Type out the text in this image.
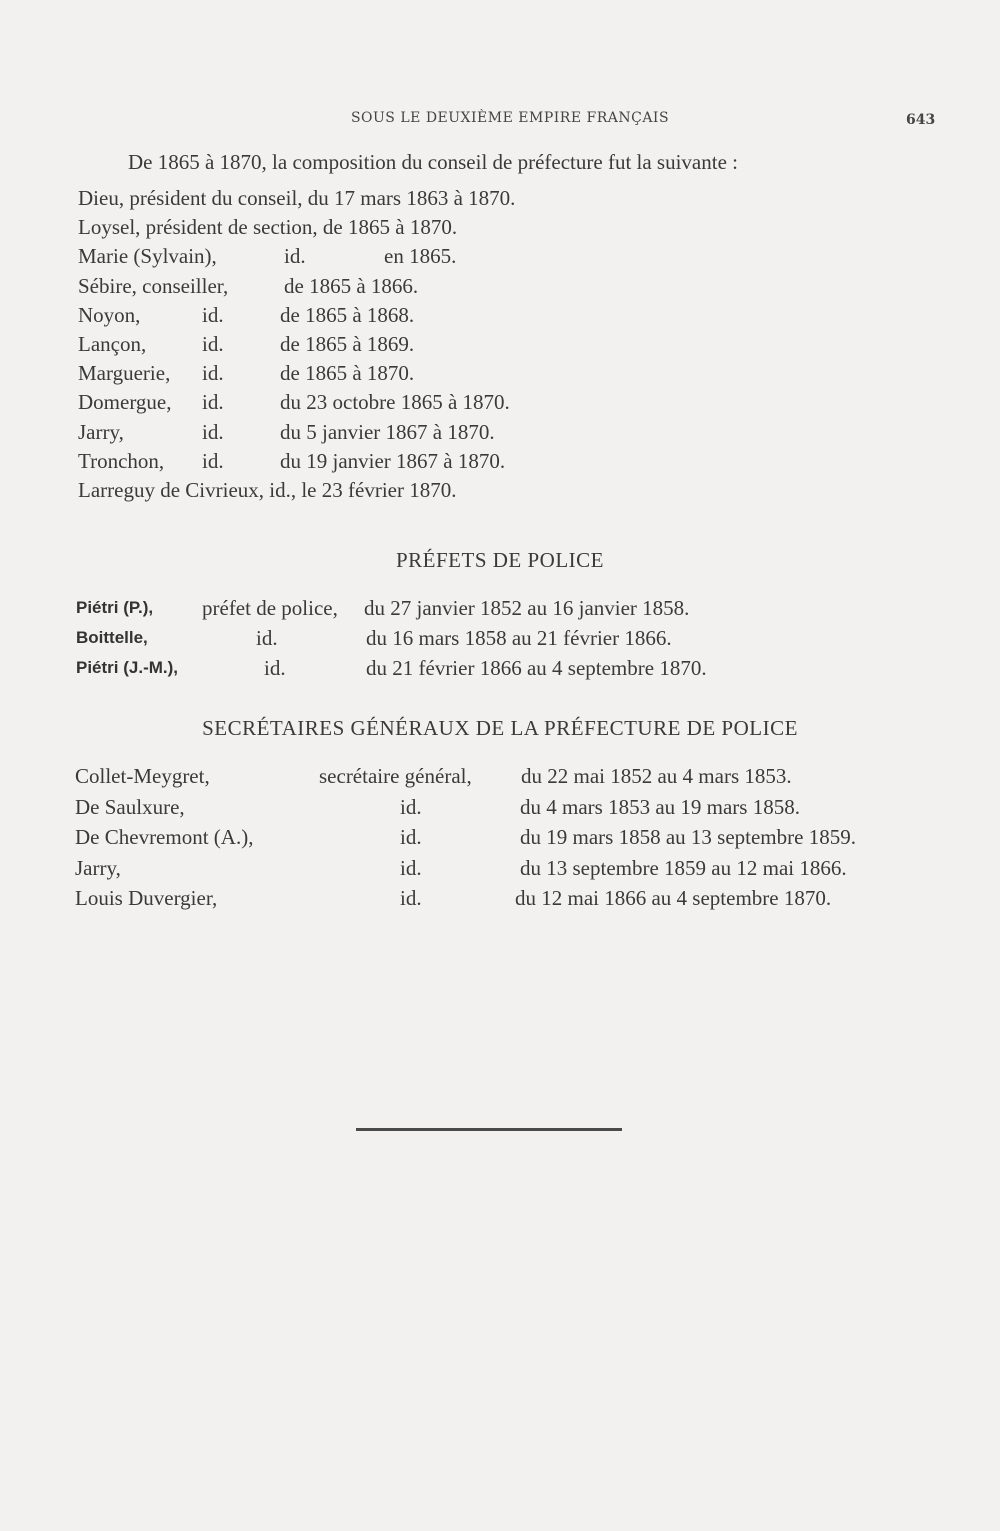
SOUS LE DEUXIÈME EMPIRE FRANÇAIS	643
De 1865 à 1870, la composition du conseil de préfecture fut la suivante :
Dieu, président du conseil, du 17 mars 1863 à 1870.
Loysel, président de section, de 1865 à 1870.
Marie (Sylvain),	id.	en 1865.
Sébire, conseiller,	de 1865 à 1866.
Noyon,	id.	de 1865 à 1868.
Lançon,	id.	de 1865 à 1869.
Marguerie, id.	de 1865 à 1870.
Domergue, id.	du 23 octobre 1865 à 1870.
Jarry,	id.	du 5 janvier 1867 à 1870.
Tronchon, id.	du 19 janvier 1867 à 1870.
Larreguy de Civrieux, id., le 23 février 1870.
PRÉFETS DE POLICE
Piétri (P.), préfet de police, du 27 janvier 1852 au 16 janvier 1858.
Boittelle,	id.	du 16 mars 1858 au 21 février 1866.
Piétri (J.-M.),	id.	du 21 février 1866 au 4 septembre 1870.
SECRÉTAIRES GÉNÉRAUX DE LA PRÉFECTURE DE POLICE
Collet-Meygret,	secrétaire général, du 22 mai 1852 au 4 mars 1853.
De Saulxure,	id.	du 4 mars 1853 au 19 mars 1858.
De Chevremont (A.),	id.	du 19 mars 1858 au 13 septembre 1859.
Jarry,	id.	du 13 septembre 1859 au 12 mai 1866.
Louis Duvergier,	id.	du 12 mai 1866 au 4 septembre 1870.
